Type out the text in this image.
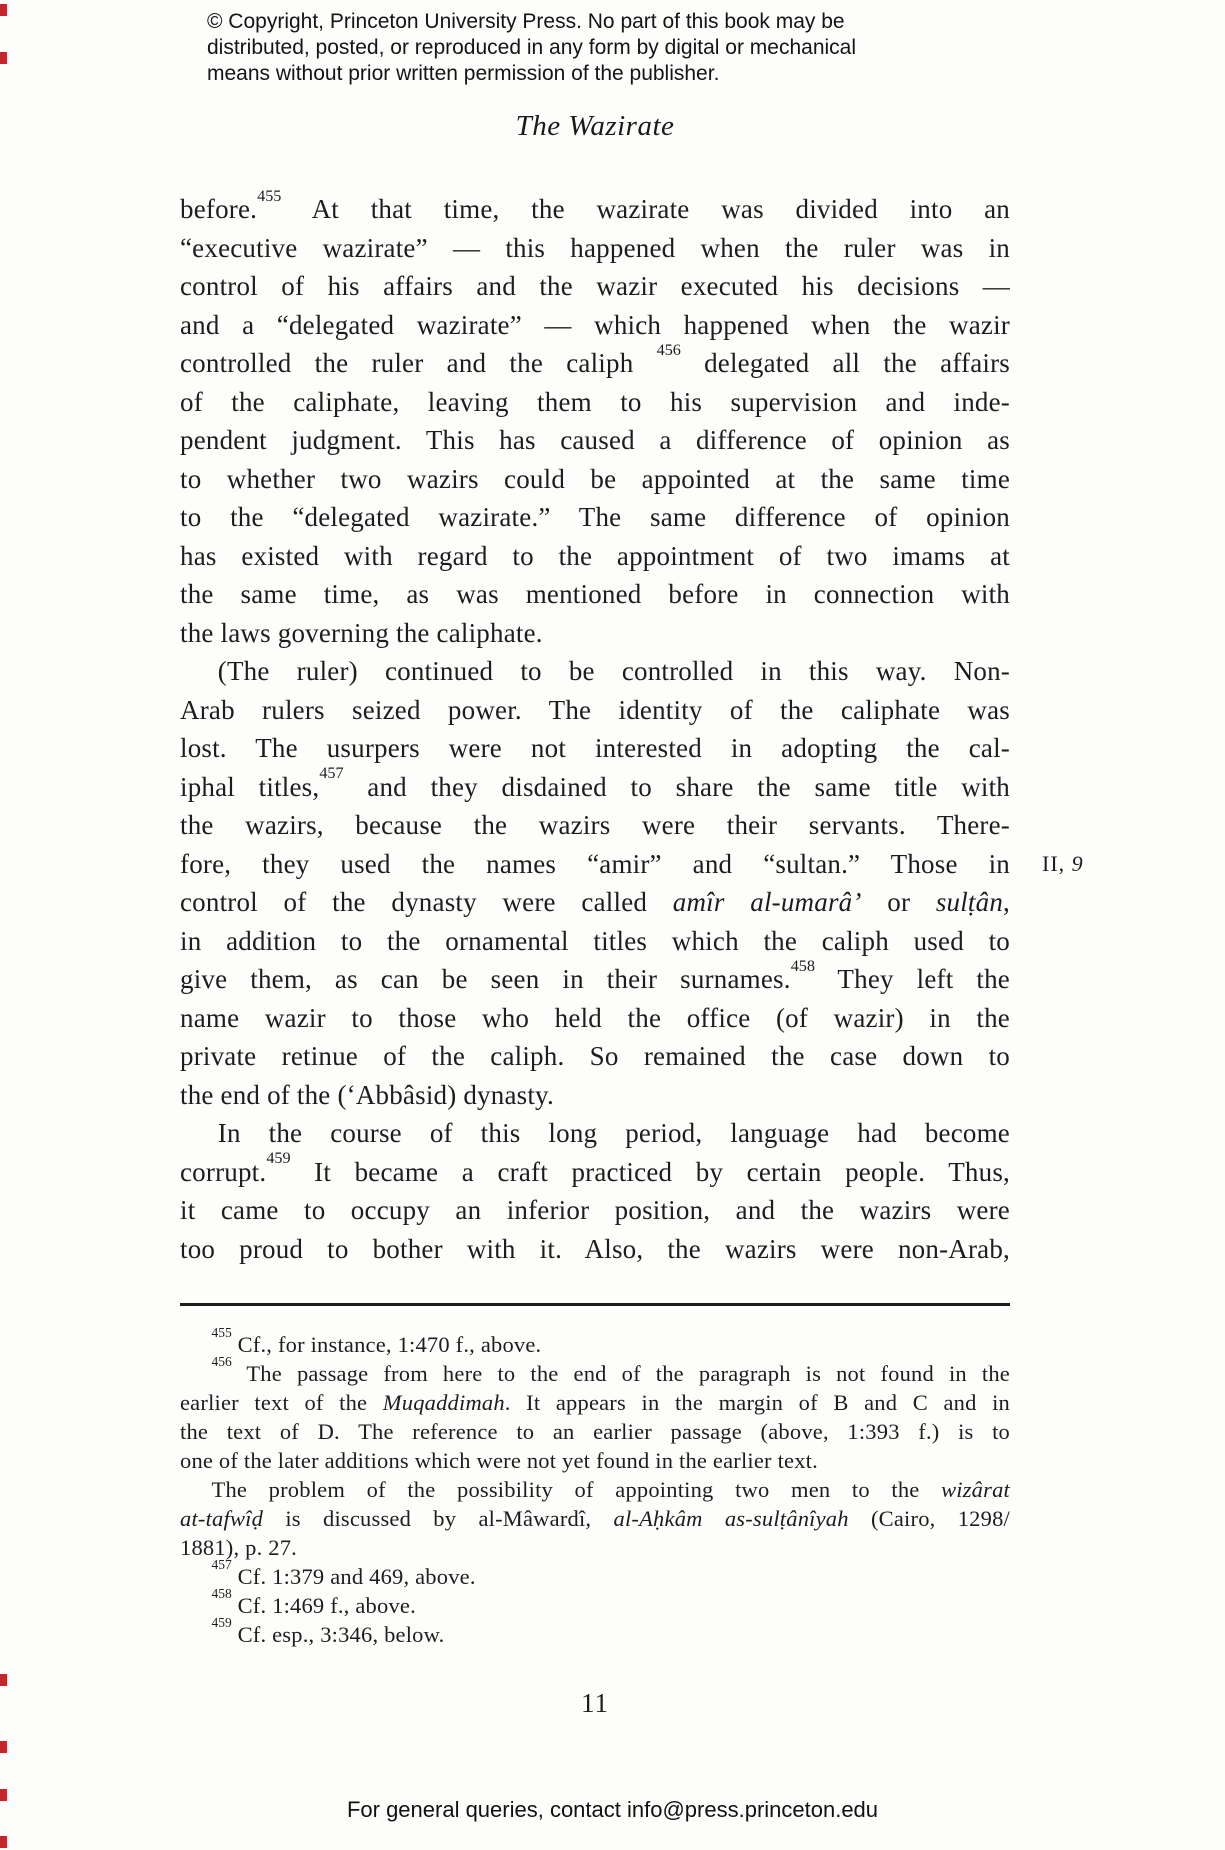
© Copyright, Princeton University Press. No part of this book may be
distributed, posted, or reproduced in any form by digital or mechanical
means without prior written permission of the publisher.
The Wazirate
before.$^{455}$ At that time, the wazirate was divided into an
“executive wazirate” — this happened when the ruler was in
control of his affairs and the wazir executed his decisions —
and a “delegated wazirate” — which happened when the wazir
controlled the ruler and the caliph $^{456}$ delegated all the affairs
of the caliphate, leaving them to his supervision and inde-
pendent judgment. This has caused a difference of opinion as
to whether two wazirs could be appointed at the same time
to the “delegated wazirate.” The same difference of opinion
has existed with regard to the appointment of two imams at
the same time, as was mentioned before in connection with
the laws governing the caliphate.
(The ruler) continued to be controlled in this way. Non-
Arab rulers seized power. The identity of the caliphate was
lost. The usurpers were not interested in adopting the cal-
iphal titles,$^{457}$ and they disdained to share the same title with
the wazirs, because the wazirs were their servants. There-
fore, they used the names “amir” and “sultan.” Those in
control of the dynasty were called amîr al-umarâ’ or sulṭân,
in addition to the ornamental titles which the caliph used to
give them, as can be seen in their surnames.$^{458}$ They left the
name wazir to those who held the office (of wazir) in the
private retinue of the caliph. So remained the case down to
the end of the (‘Abbâsid) dynasty.
In the course of this long period, language had become
corrupt.$^{459}$ It became a craft practiced by certain people. Thus,
it came to occupy an inferior position, and the wazirs were
too proud to bother with it. Also, the wazirs were non-Arab,
II, 9
$^{455}$ Cf., for instance, 1:470 f., above.
$^{456}$ The passage from here to the end of the paragraph is not found in the
earlier text of the Muqaddimah. It appears in the margin of B and C and in
the text of D. The reference to an earlier passage (above, 1:393 f.) is to
one of the later additions which were not yet found in the earlier text.
The problem of the possibility of appointing two men to the wizârat
at-tafwîḍ is discussed by al-Mâwardî, al-Aḥkâm as-sulṭânîyah (Cairo, 1298/
1881), p. 27.
$^{457}$ Cf. 1:379 and 469, above.
$^{458}$ Cf. 1:469 f., above.
$^{459}$ Cf. esp., 3:346, below.
11
For general queries, contact info@press.princeton.edu
